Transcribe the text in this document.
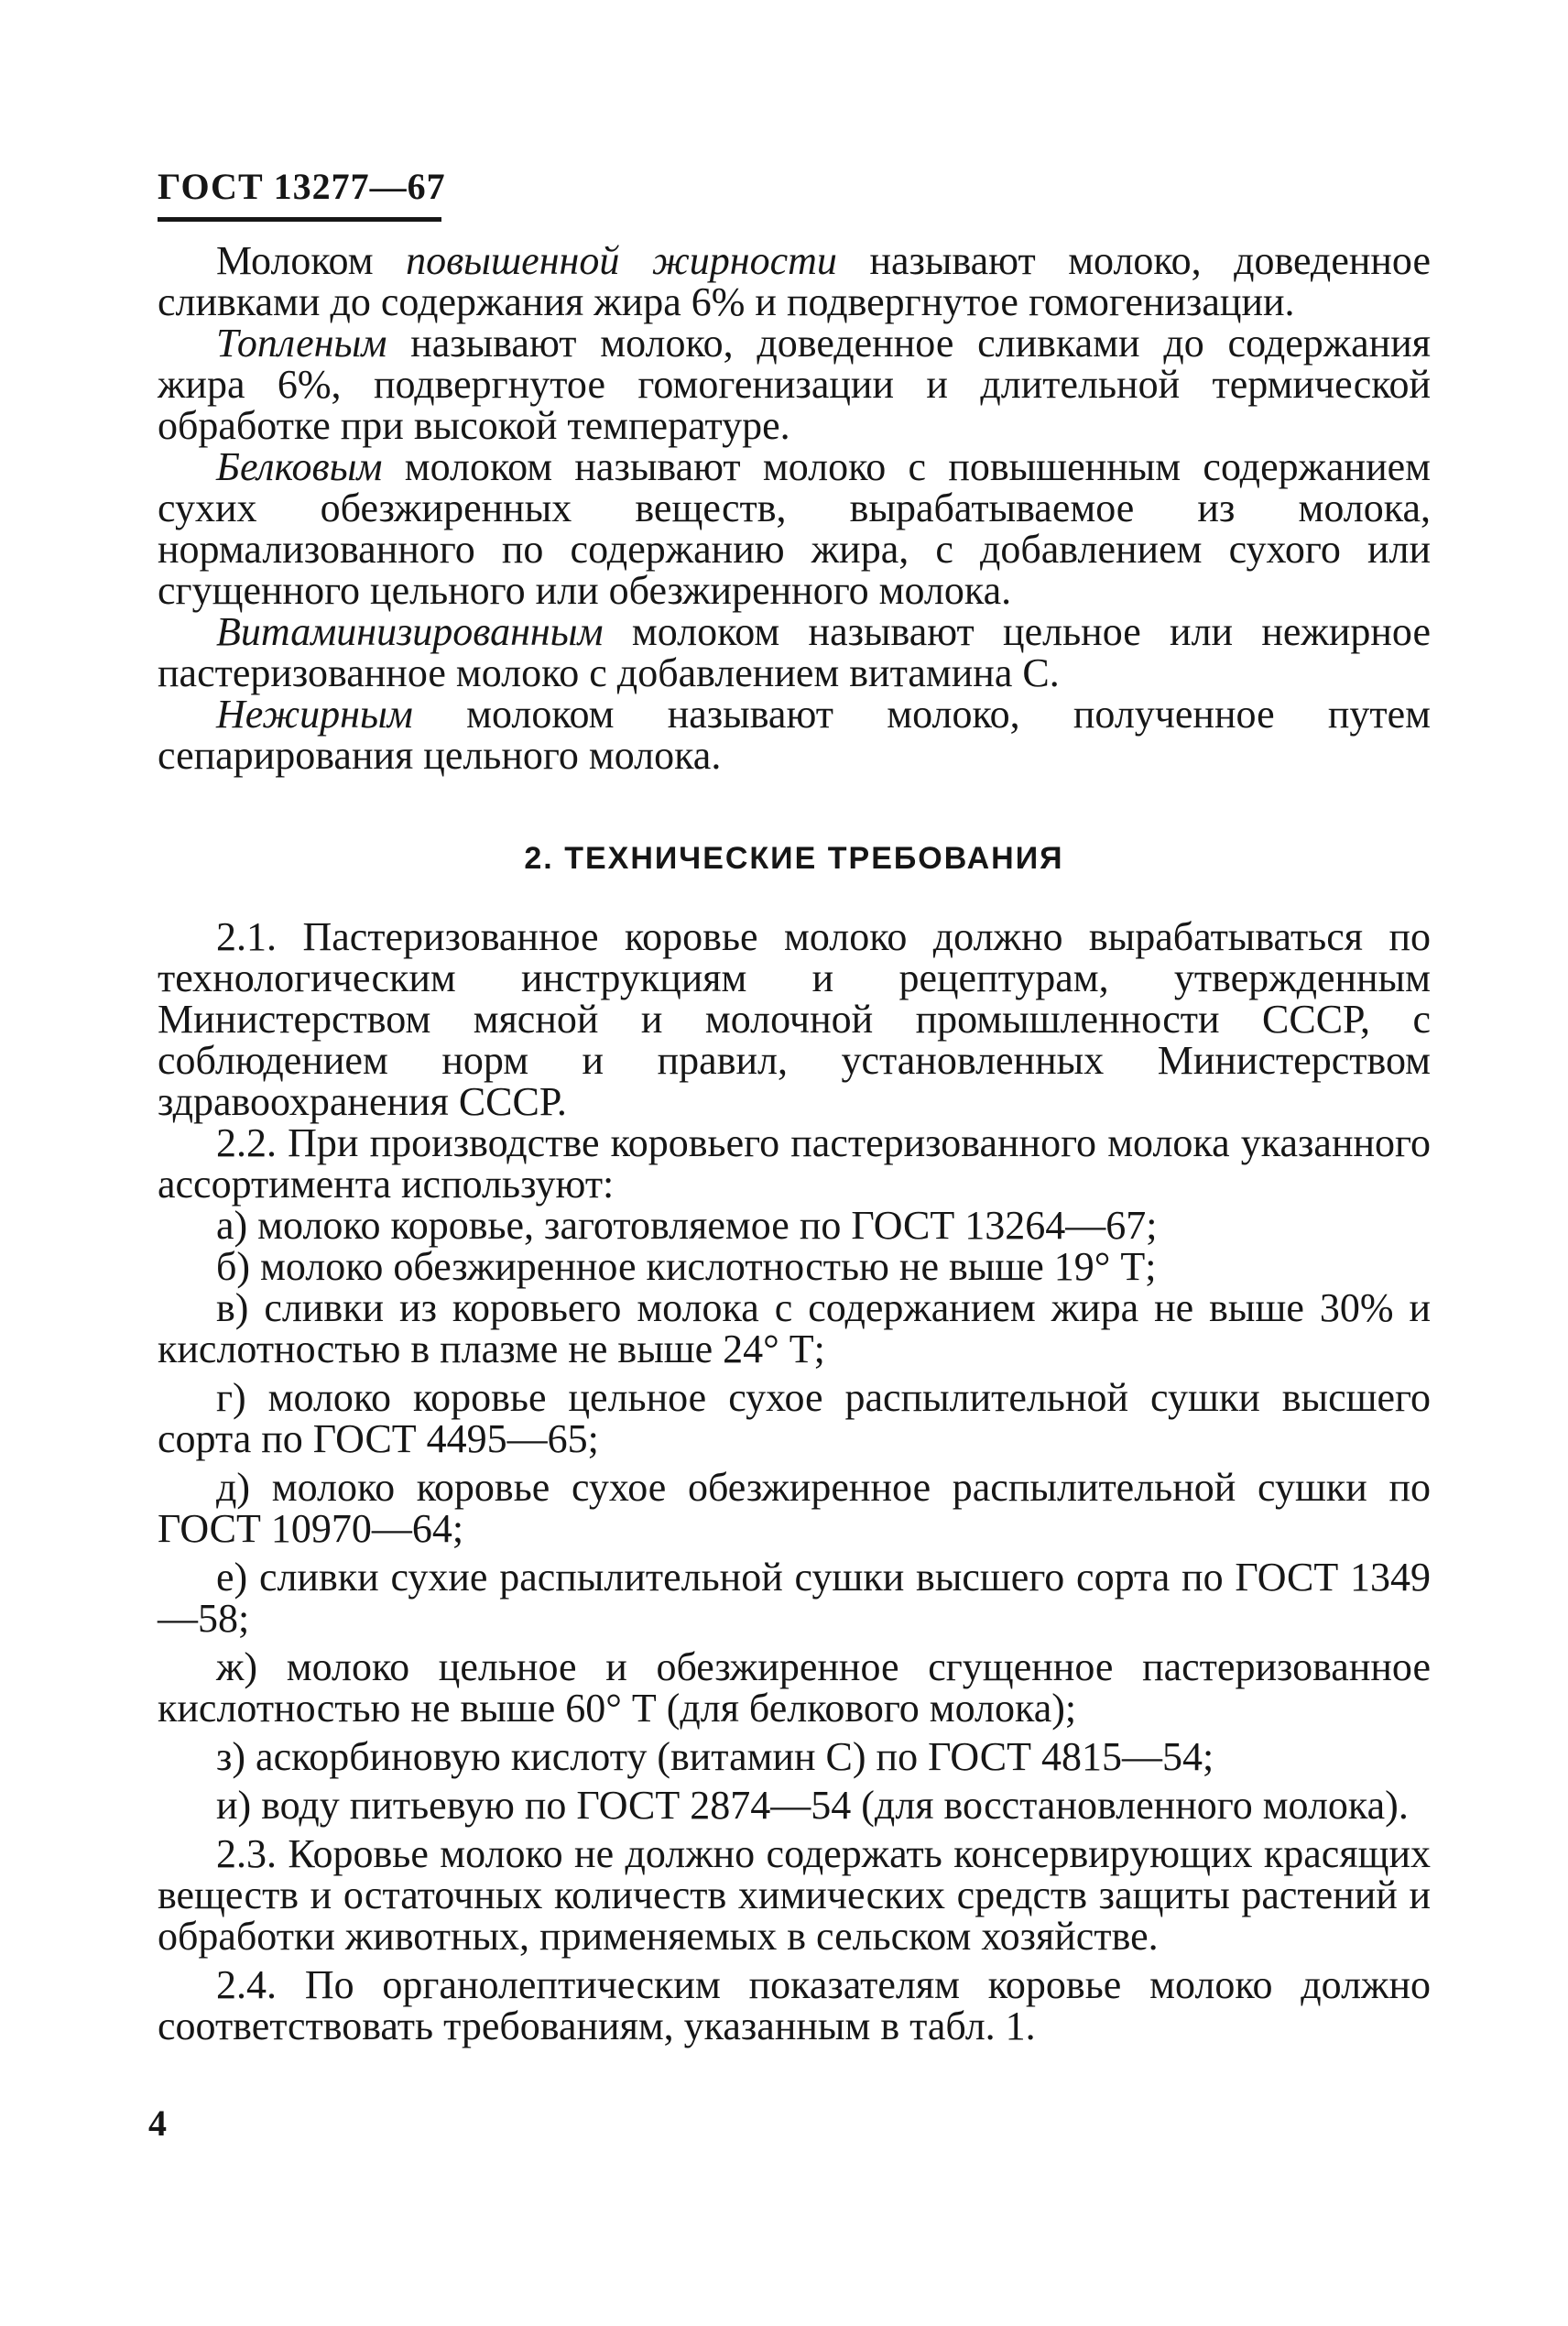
ГОСТ 13277—67

Молоком повышенной жирности называют молоко, доведенное сливками до содержания жира 6% и подвергнутое гомогенизации.

Топленым называют молоко, доведенное сливками до содержания жира 6%, подвергнутое гомогенизации и длительной термической обработке при высокой температуре.

Белковым молоком называют молоко с повышенным содержанием сухих обезжиренных веществ, вырабатываемое из молока, нормализованного по содержанию жира, с добавлением сухого или сгущенного цельного или обезжиренного молока.

Витаминизированным молоком называют цельное или нежирное пастеризованное молоко с добавлением витамина С.

Нежирным молоком называют молоко, полученное путем сепарирования цельного молока.

2. ТЕХНИЧЕСКИЕ ТРЕБОВАНИЯ

2.1. Пастеризованное коровье молоко должно вырабатываться по технологическим инструкциям и рецептурам, утвержденным Министерством мясной и молочной промышленности СССР, с соблюдением норм и правил, установленных Министерством здравоохранения СССР.

2.2. При производстве коровьего пастеризованного молока указанного ассортимента используют:

а) молоко коровье, заготовляемое по ГОСТ 13264—67;

б) молоко обезжиренное кислотностью не выше 19° Т;

в) сливки из коровьего молока с содержанием жира не выше 30% и кислотностью в плазме не выше 24° Т;

г) молоко коровье цельное сухое распылительной сушки высшего сорта по ГОСТ 4495—65;

д) молоко коровье сухое обезжиренное распылительной сушки по ГОСТ 10970—64;

е) сливки сухие распылительной сушки высшего сорта по ГОСТ 1349—58;

ж) молоко цельное и обезжиренное сгущенное пастеризованное кислотностью не выше 60° Т (для белкового молока);

з) аскорбиновую кислоту (витамин С) по ГОСТ 4815—54;

и) воду питьевую по ГОСТ 2874—54 (для восстановленного молока).

2.3. Коровье молоко не должно содержать консервирующих красящих веществ и остаточных количеств химических средств защиты растений и обработки животных, применяемых в сельском хозяйстве.

2.4. По органолептическим показателям коровье молоко должно соответствовать требованиям, указанным в табл. 1.

4
